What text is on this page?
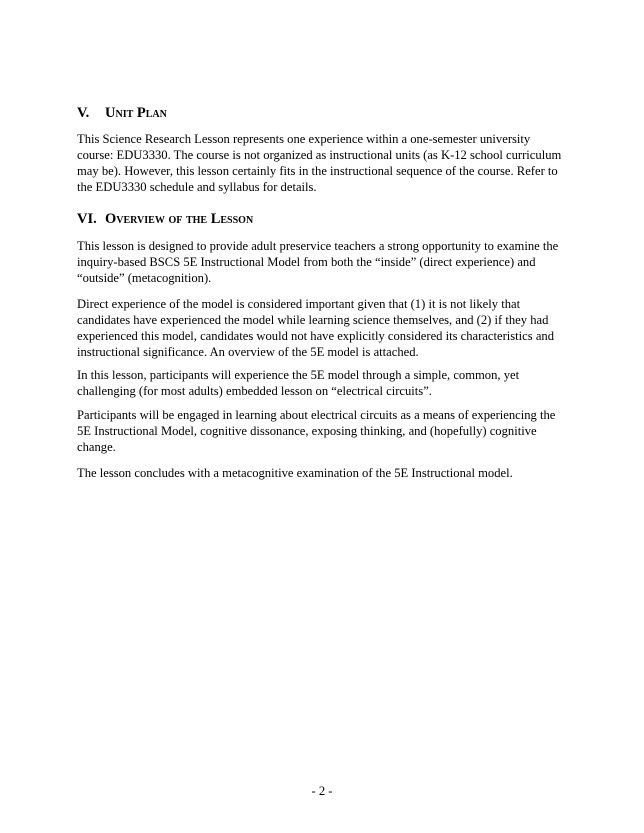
V. Unit Plan

This Science Research Lesson represents one experience within a one-semester university course: EDU3330. The course is not organized as instructional units (as K-12 school curriculum may be). However, this lesson certainly fits in the instructional sequence of the course. Refer to the EDU3330 schedule and syllabus for details.

VI. Overview of the Lesson

This lesson is designed to provide adult preservice teachers a strong opportunity to examine the inquiry-based BSCS 5E Instructional Model from both the “inside” (direct experience) and “outside” (metacognition).

Direct experience of the model is considered important given that (1) it is not likely that candidates have experienced the model while learning science themselves, and (2) if they had experienced this model, candidates would not have explicitly considered its characteristics and instructional significance. An overview of the 5E model is attached.

In this lesson, participants will experience the 5E model through a simple, common, yet challenging (for most adults) embedded lesson on “electrical circuits”.

Participants will be engaged in learning about electrical circuits as a means of experiencing the 5E Instructional Model, cognitive dissonance, exposing thinking, and (hopefully) cognitive change.

The lesson concludes with a metacognitive examination of the 5E Instructional model.

- 2 -
